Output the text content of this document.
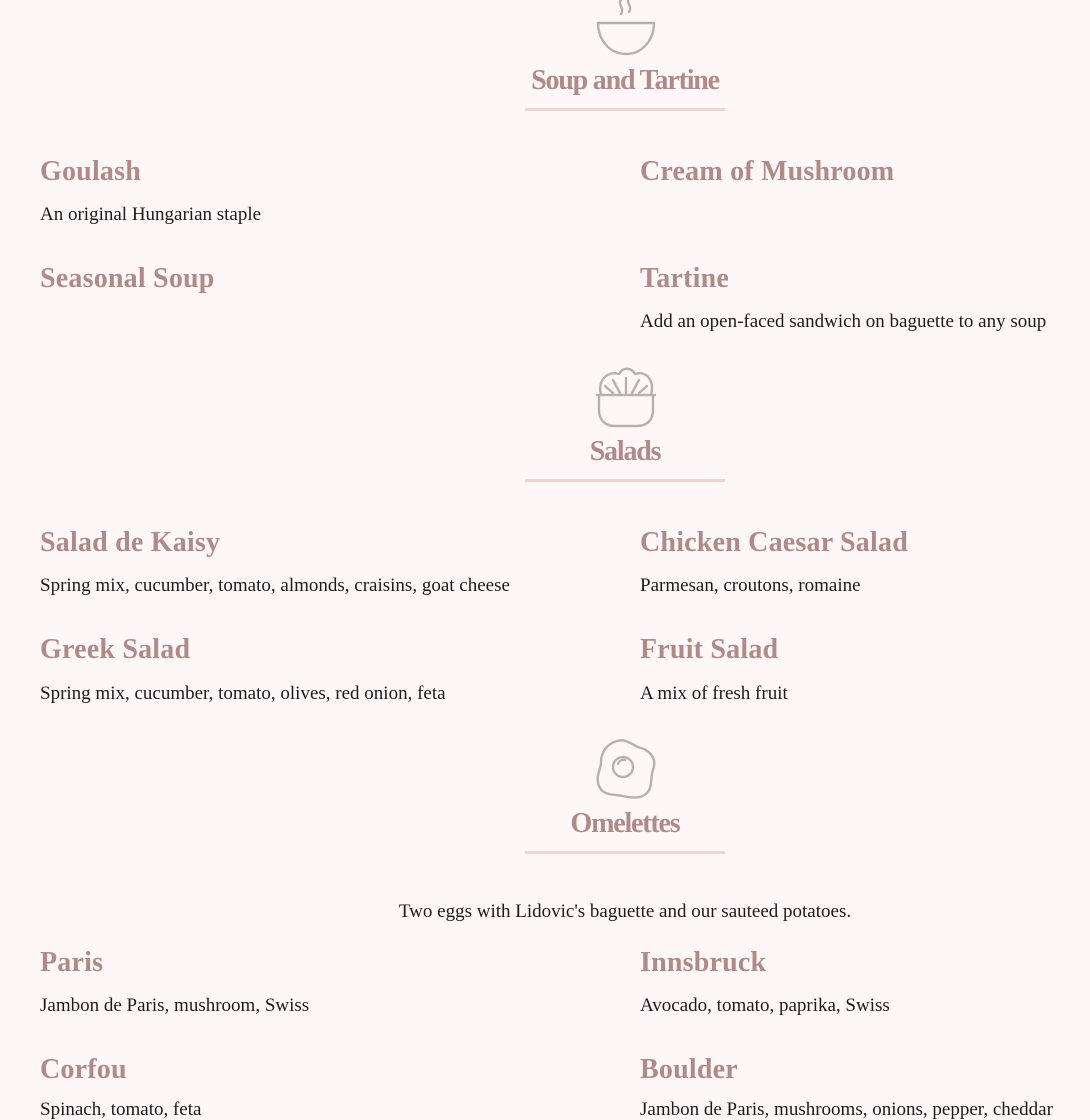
Soup and Tartine
Goulash

An original Hungarian staple

Cream of Mushroom

Seasonal Soup	Tartine

Add an open-faced sandwich on baguette to any soup

Salads
Salad de Kaisy

Spring mix, cucumber, tomato, almonds, craisins, goat cheese

Chicken Caesar Salad

Parmesan, croutons, romaine

Greek Salad

Spring mix, cucumber, tomato, olives, red onion, feta

Fruit Salad

A mix of fresh fruit

Omelettes

Two eggs with Lidovic's baguette and our sauteed potatoes.

Paris

Jambon de Paris, mushroom, Swiss

Innsbruck

Avocado, tomato, paprika, Swiss

Corfou

Spinach, tomato, feta

Boulder

Jambon de Paris, mushrooms, onions, pepper, cheddar
